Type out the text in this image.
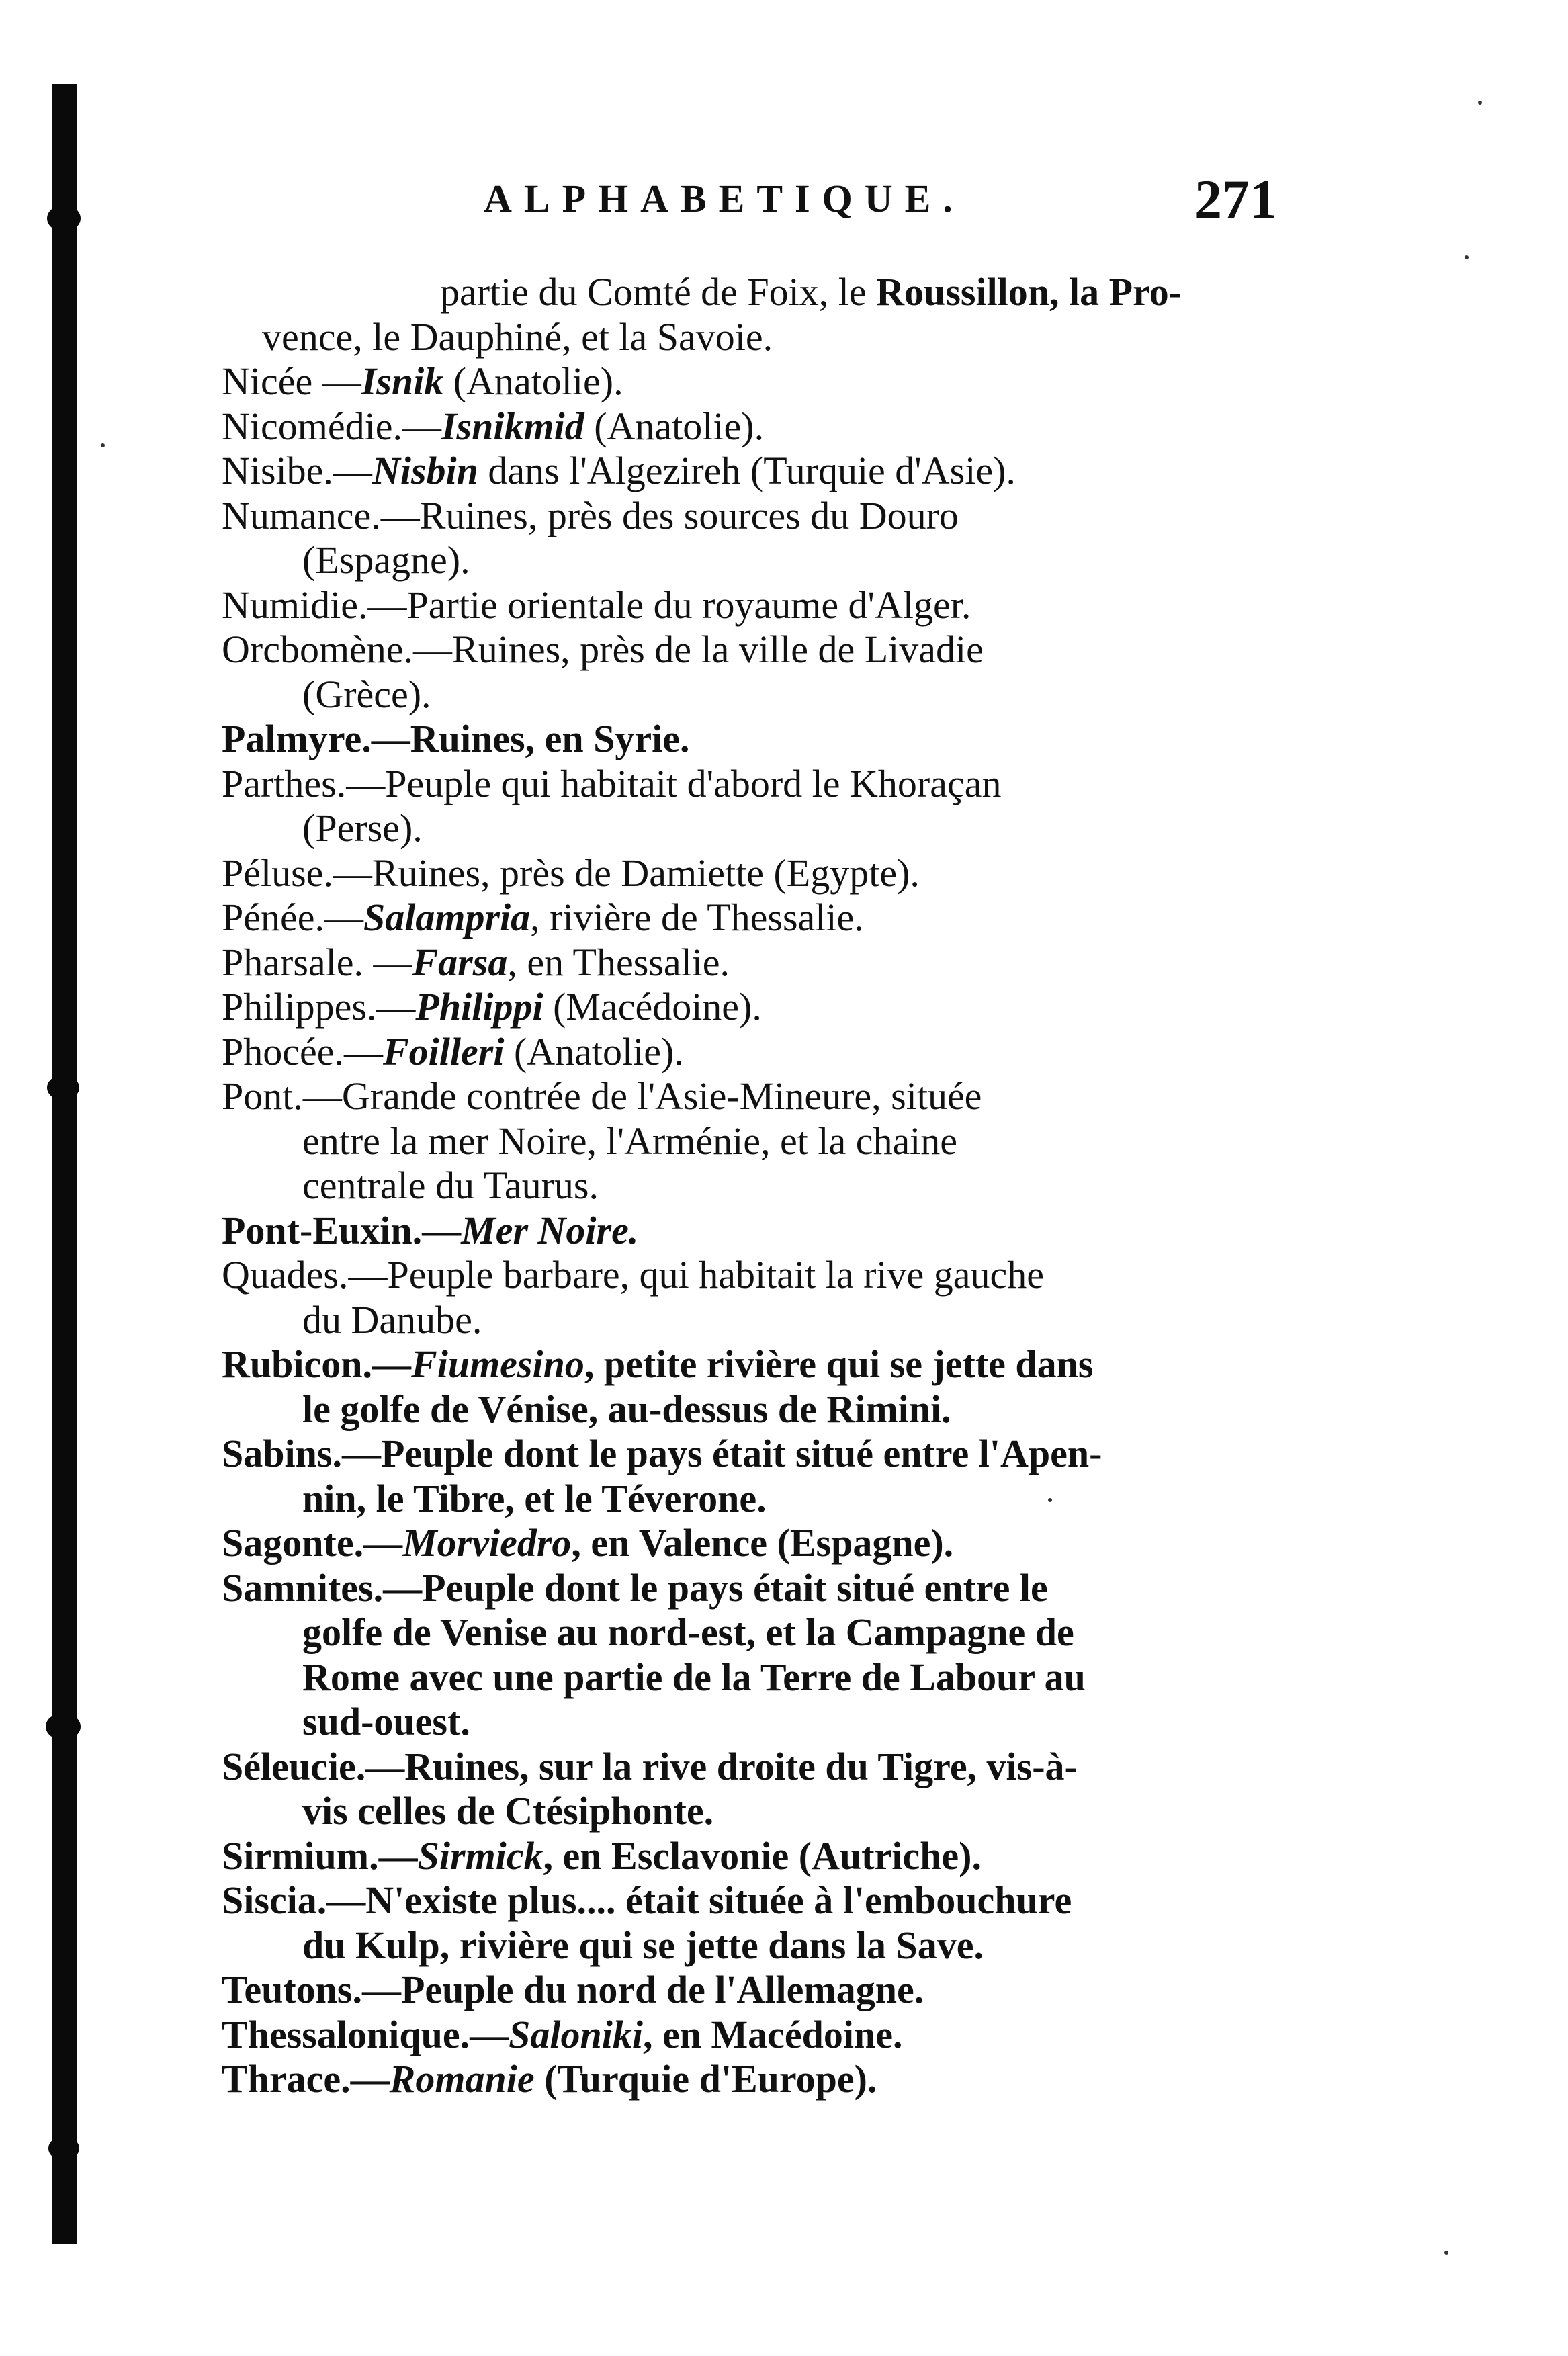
ALPHABETIQUE.	271
partie du Comté de Foix, le Roussillon, la Pro-
vence, le Dauphiné, et la Savoie.
Nicée —Isnik (Anatolie).
Nicomédie.—Isnikmid (Anatolie).
Nisibe.—Nisbin dans l'Algezireh (Turquie d'Asie).
Numance.—Ruines, près des sources du Douro
(Espagne).
Numidie.—Partie orientale du royaume d'Alger.
Orcbomène.—Ruines, près de la ville de Livadie
(Grèce).
Palmyre.—Ruines, en Syrie.
Parthes.—Peuple qui habitait d'abord le Khoraçan
(Perse).
Péluse.—Ruines, près de Damiette (Egypte).
Pénée.—Salampria, rivière de Thessalie.
Pharsale. —Farsa, en Thessalie.
Philippes.—Philippi (Macédoine).
Phocée.—Foilleri (Anatolie).
Pont.—Grande contrée de l'Asie-Mineure, située
entre la mer Noire, l'Arménie, et la chaine
centrale du Taurus.
Pont-Euxin.—Mer Noire.
Quades.—Peuple barbare, qui habitait la rive gauche
du Danube.
Rubicon.—Fiumesino, petite rivière qui se jette dans
le golfe de Vénise, au-dessus de Rimini.
Sabins.—Peuple dont le pays était situé entre l'Apen-
nin, le Tibre, et le Téverone.
Sagonte.—Morviedro, en Valence (Espagne).
Samnites.—Peuple dont le pays était situé entre le
golfe de Venise au nord-est, et la Campagne de
Rome avec une partie de la Terre de Labour au
sud-ouest.
Séleucie.—Ruines, sur la rive droite du Tigre, vis-à-
vis celles de Ctésiphonte.
Sirmium.—Sirmick, en Esclavonie (Autriche).
Siscia.—N'existe plus.... était située à l'embouchure
du Kulp, rivière qui se jette dans la Save.
Teutons.—Peuple du nord de l'Allemagne.
Thessalonique.—Saloniki, en Macédoine.
Thrace.—Romanie (Turquie d'Europe).
